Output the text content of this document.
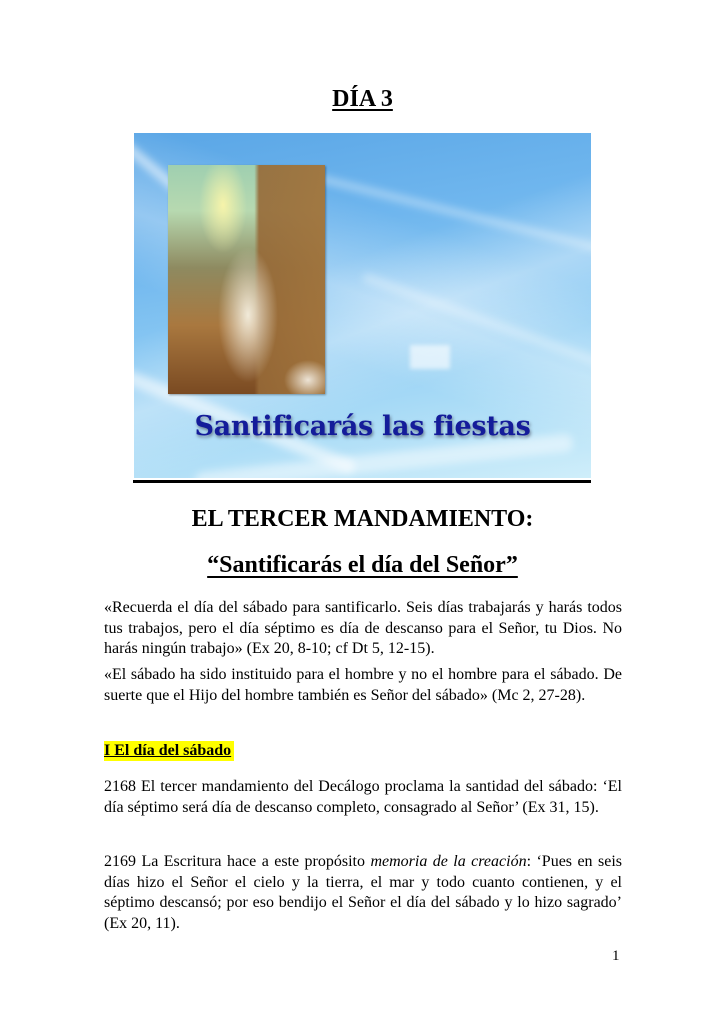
DÍA 3
Santificarás las fiestas
EL TERCER MANDAMIENTO:
“Santificarás el día del Señor”

«Recuerda el día del sábado para santificarlo. Seis días trabajarás y harás todos tus trabajos, pero el día séptimo es día de descanso para el Señor, tu Dios. No harás ningún trabajo» (Ex 20, 8-10; cf Dt 5, 12-15).

«El sábado ha sido instituido para el hombre y no el hombre para el sábado. De suerte que el Hijo del hombre también es Señor del sábado» (Mc 2, 27-28).

I El día del sábado

2168 El tercer mandamiento del Decálogo proclama la santidad del sábado: ‘El día séptimo será día de descanso completo, consagrado al Señor’ (Ex 31, 15).

2169 La Escritura hace a este propósito memoria de la creación: ‘Pues en seis días hizo el Señor el cielo y la tierra, el mar y todo cuanto contienen, y el séptimo descansó; por eso bendijo el Señor el día del sábado y lo hizo sagrado’ (Ex 20, 11).

1
